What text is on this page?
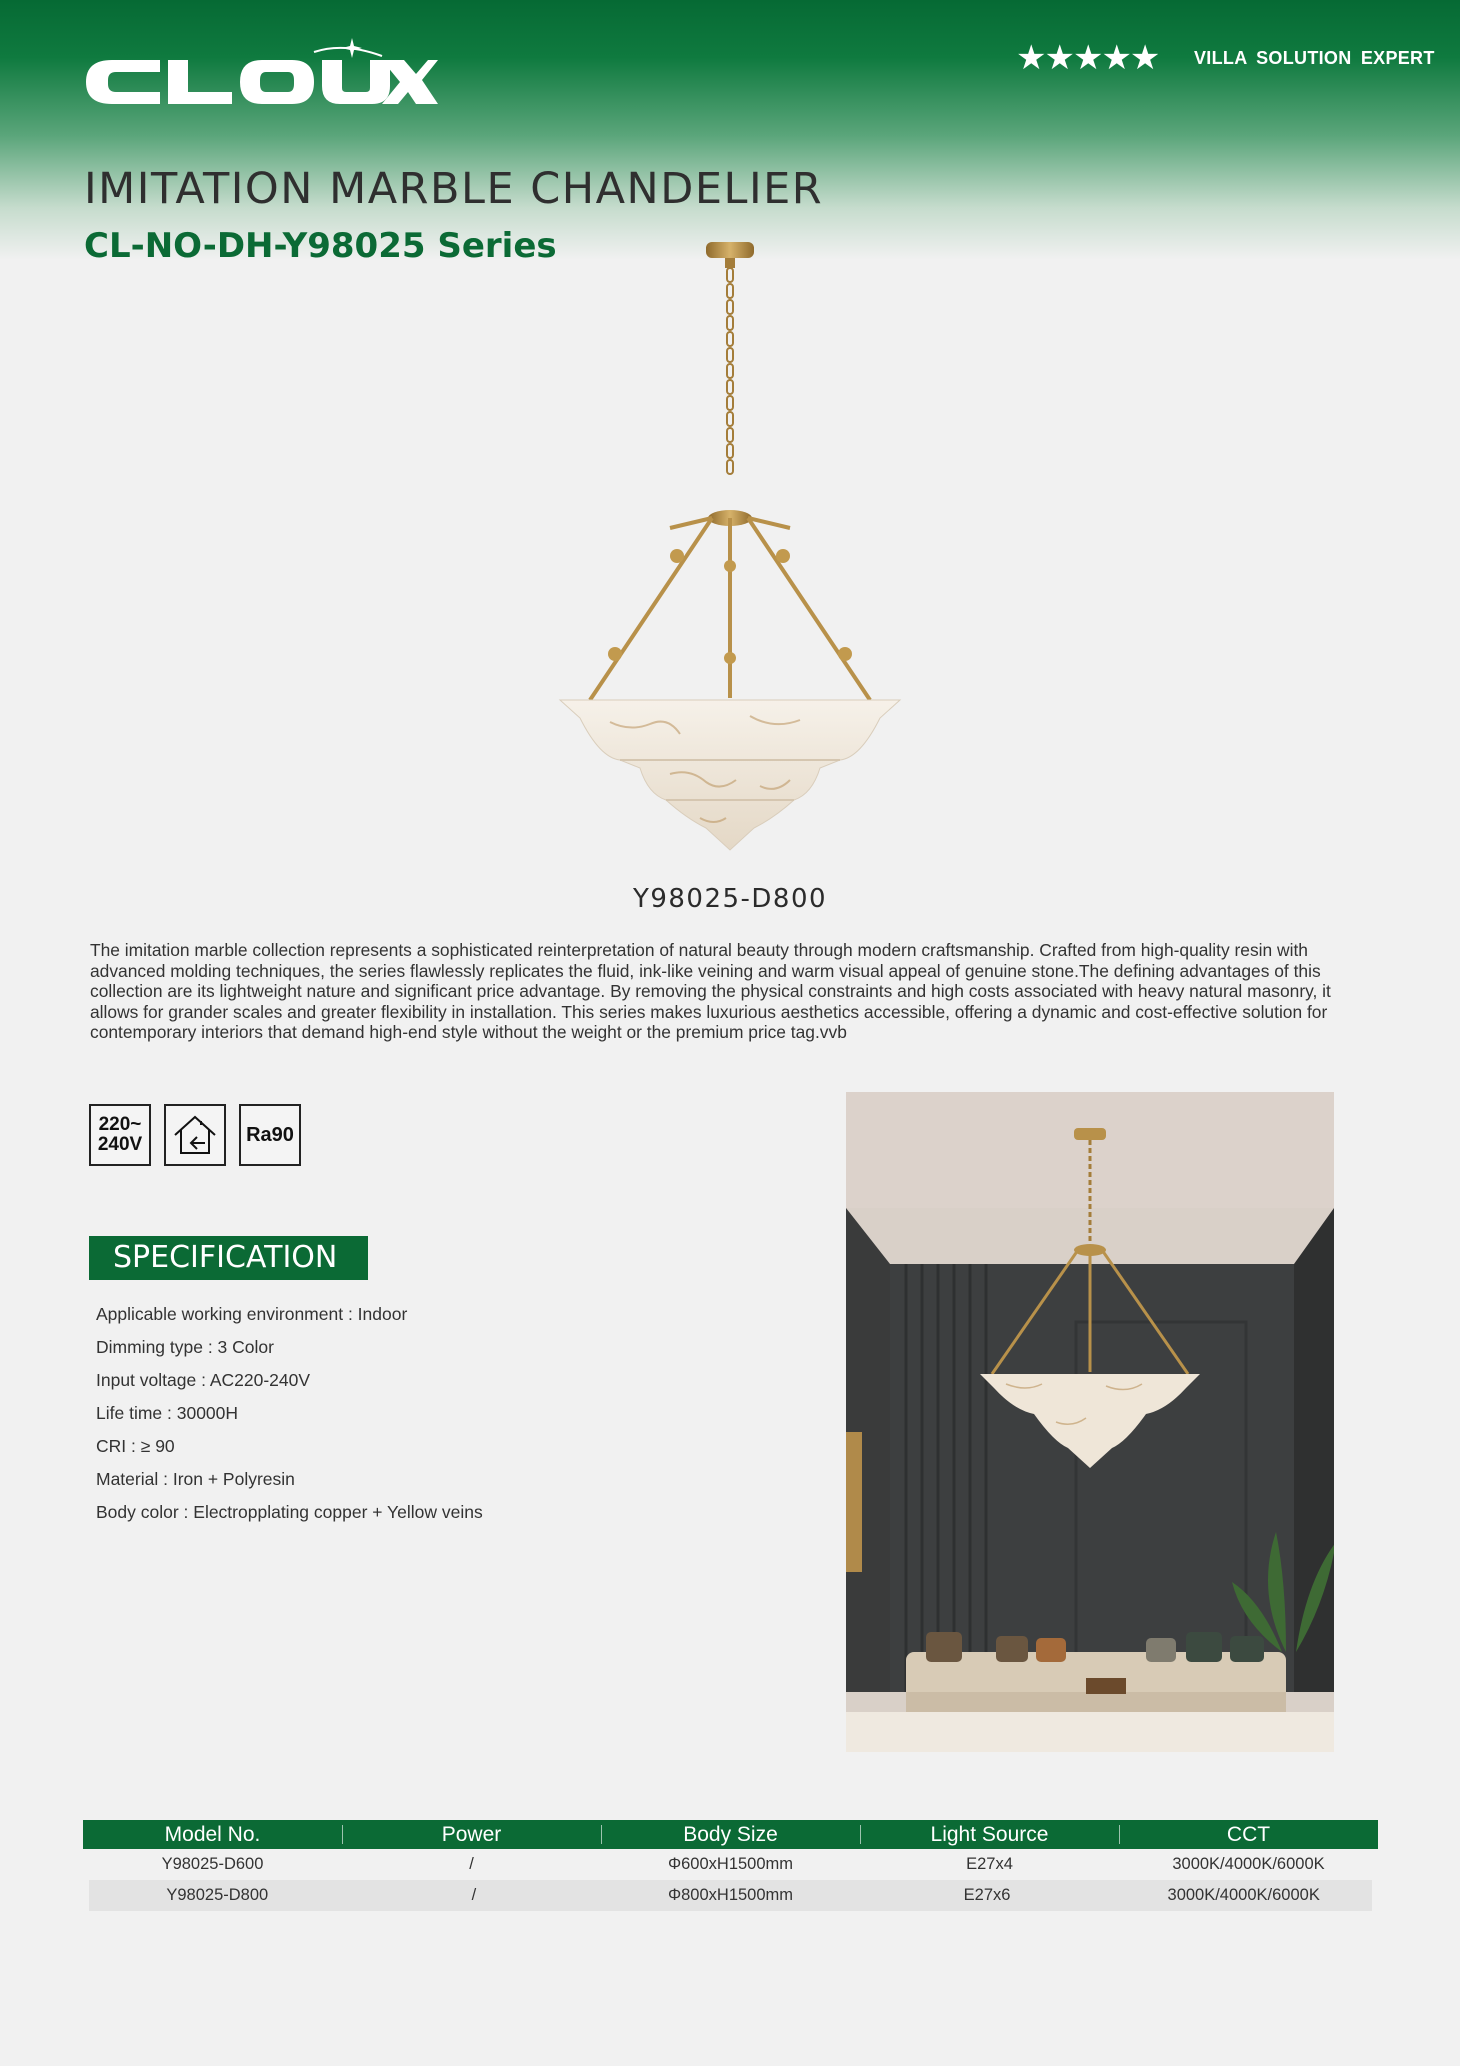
★★★★★ VILLA SOLUTION EXPERT
IMITATION MARBLE CHANDELIER
CL-NO-DH-Y98025 Series
Y98025-D800

The imitation marble collection represents a sophisticated reinterpretation of natural beauty through modern craftsmanship. Crafted from high-quality resin with advanced molding techniques, the series flawlessly replicates the fluid, ink-like veining and warm visual appeal of genuine stone.The defining advantages of this collection are its lightweight nature and significant price advantage. By removing the physical constraints and high costs associated with heavy natural masonry, it allows for grander scales and greater flexibility in installation. This series makes luxurious aesthetics accessible, offering a dynamic and cost-effective solution for contemporary interiors that demand high-end style without the weight or the premium price tag.vvb

220~
240V	Ra90
SPECIFICATION
Applicable working environment : Indoor
Dimming type : 3 Color
Input voltage : AC220-240V
Life time : 30000H
CRI : ≥ 90
Material : Iron + Polyresin
Body color : Electropplating copper + Yellow veins
Model No.	Power	Body Size	Light Source	CCT
Y98025-D600	/	Φ600xH1500mm	E27x4	3000K/4000K/6000K
Y98025-D800	/	Φ800xH1500mm	E27x6	3000K/4000K/6000K
